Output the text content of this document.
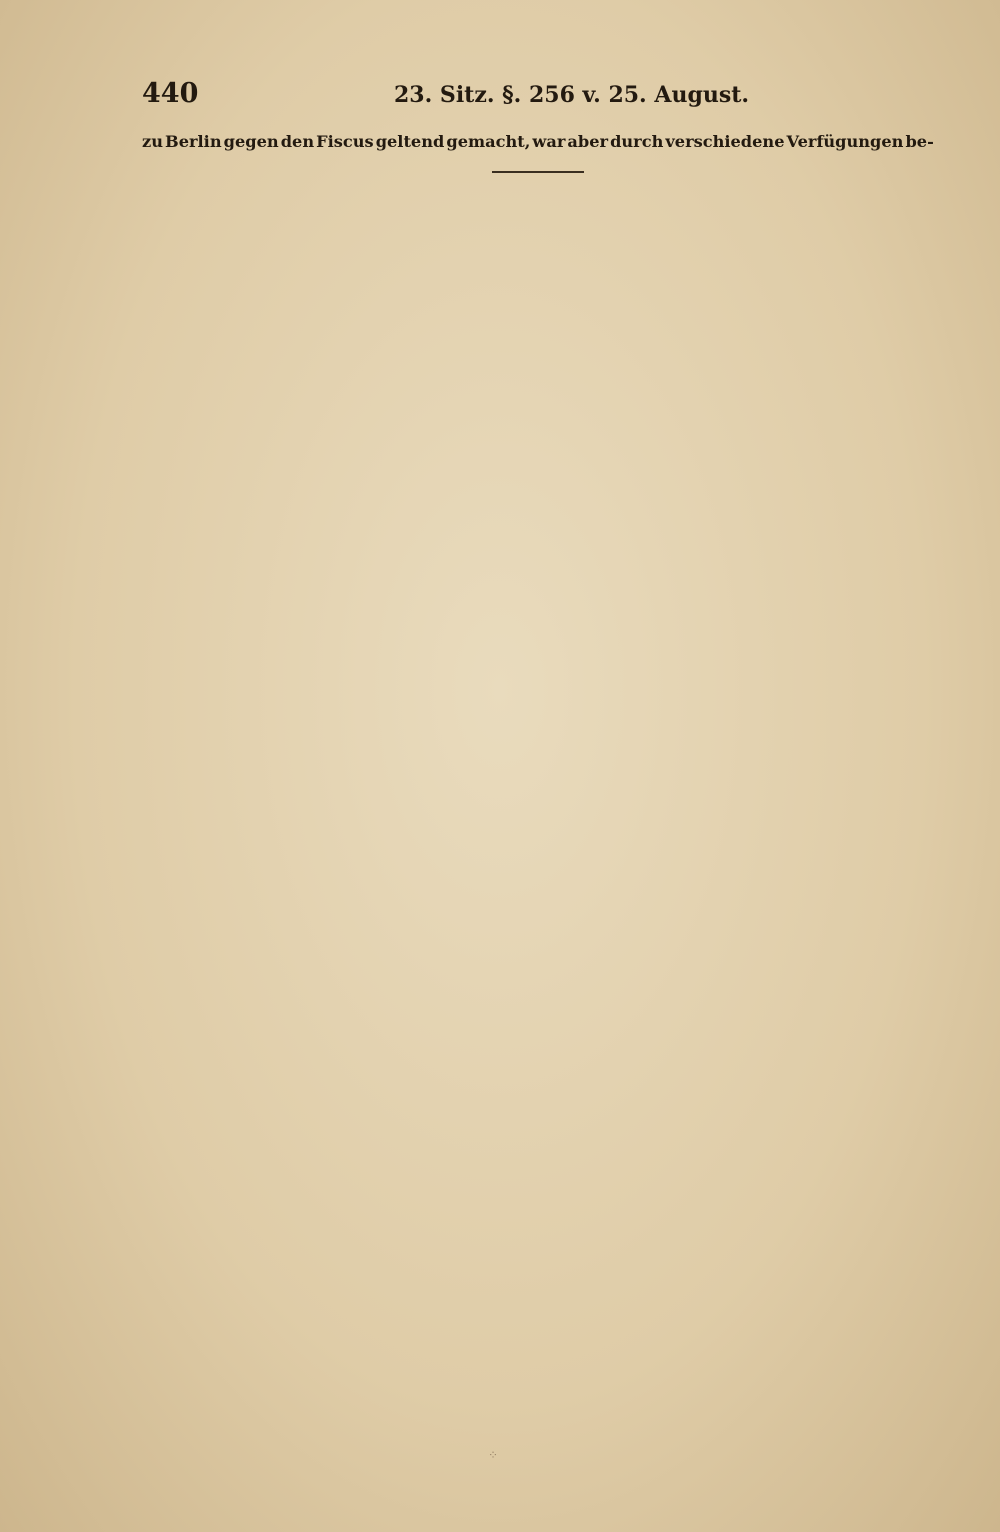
440	23. Sitz. §. 256 v. 25. August.
zu Berlin gegen den Fiscus geltend gemacht, war aber durch verschiedene Verfügungen be-
⁘
